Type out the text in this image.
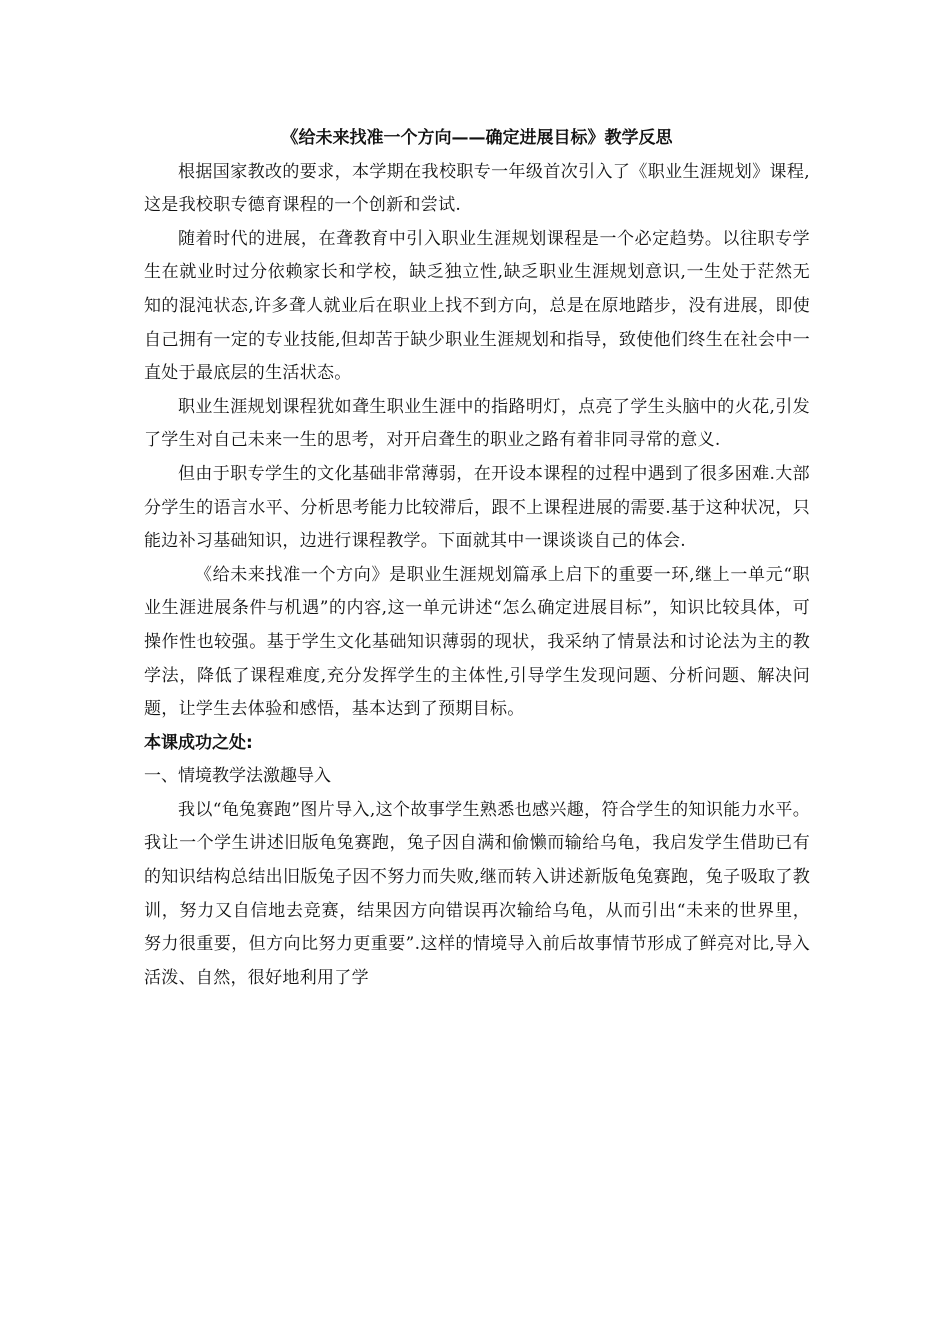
《给未来找准一个方向——确定进展目标》教学反思

根据国家教改的要求，本学期在我校职专一年级首次引入了《职业生涯规划》课程,这是我校职专德育课程的一个创新和尝试.

随着时代的进展，在聋教育中引入职业生涯规划课程是一个必定趋势。以往职专学生在就业时过分依赖家长和学校，缺乏独立性,缺乏职业生涯规划意识,一生处于茫然无知的混沌状态,许多聋人就业后在职业上找不到方向，总是在原地踏步，没有进展，即使自己拥有一定的专业技能,但却苦于缺少职业生涯规划和指导，致使他们终生在社会中一直处于最底层的生活状态。

职业生涯规划课程犹如聋生职业生涯中的指路明灯，点亮了学生头脑中的火花,引发了学生对自己未来一生的思考，对开启聋生的职业之路有着非同寻常的意义.

但由于职专学生的文化基础非常薄弱，在开设本课程的过程中遇到了很多困难.大部分学生的语言水平、分析思考能力比较滞后，跟不上课程进展的需要.基于这种状况，只能边补习基础知识，边进行课程教学。下面就其中一课谈谈自己的体会.

《给未来找准一个方向》是职业生涯规划篇承上启下的重要一环,继上一单元“职业生涯进展条件与机遇”的内容,这一单元讲述“怎么确定进展目标”，知识比较具体，可操作性也较强。基于学生文化基础知识薄弱的现状，我采纳了情景法和讨论法为主的教学法，降低了课程难度,充分发挥学生的主体性,引导学生发现问题、分析问题、解决问题，让学生去体验和感悟，基本达到了预期目标。

本课成功之处:

一、情境教学法激趣导入

我以“龟兔赛跑”图片导入,这个故事学生熟悉也感兴趣，符合学生的知识能力水平。我让一个学生讲述旧版龟兔赛跑，兔子因自满和偷懒而输给乌龟，我启发学生借助已有的知识结构总结出旧版兔子因不努力而失败,继而转入讲述新版龟兔赛跑，兔子吸取了教训，努力又自信地去竞赛，结果因方向错误再次输给乌龟，从而引出“未来的世界里，努力很重要，但方向比努力更重要”.这样的情境导入前后故事情节形成了鲜亮对比,导入活泼、自然，很好地利用了学
